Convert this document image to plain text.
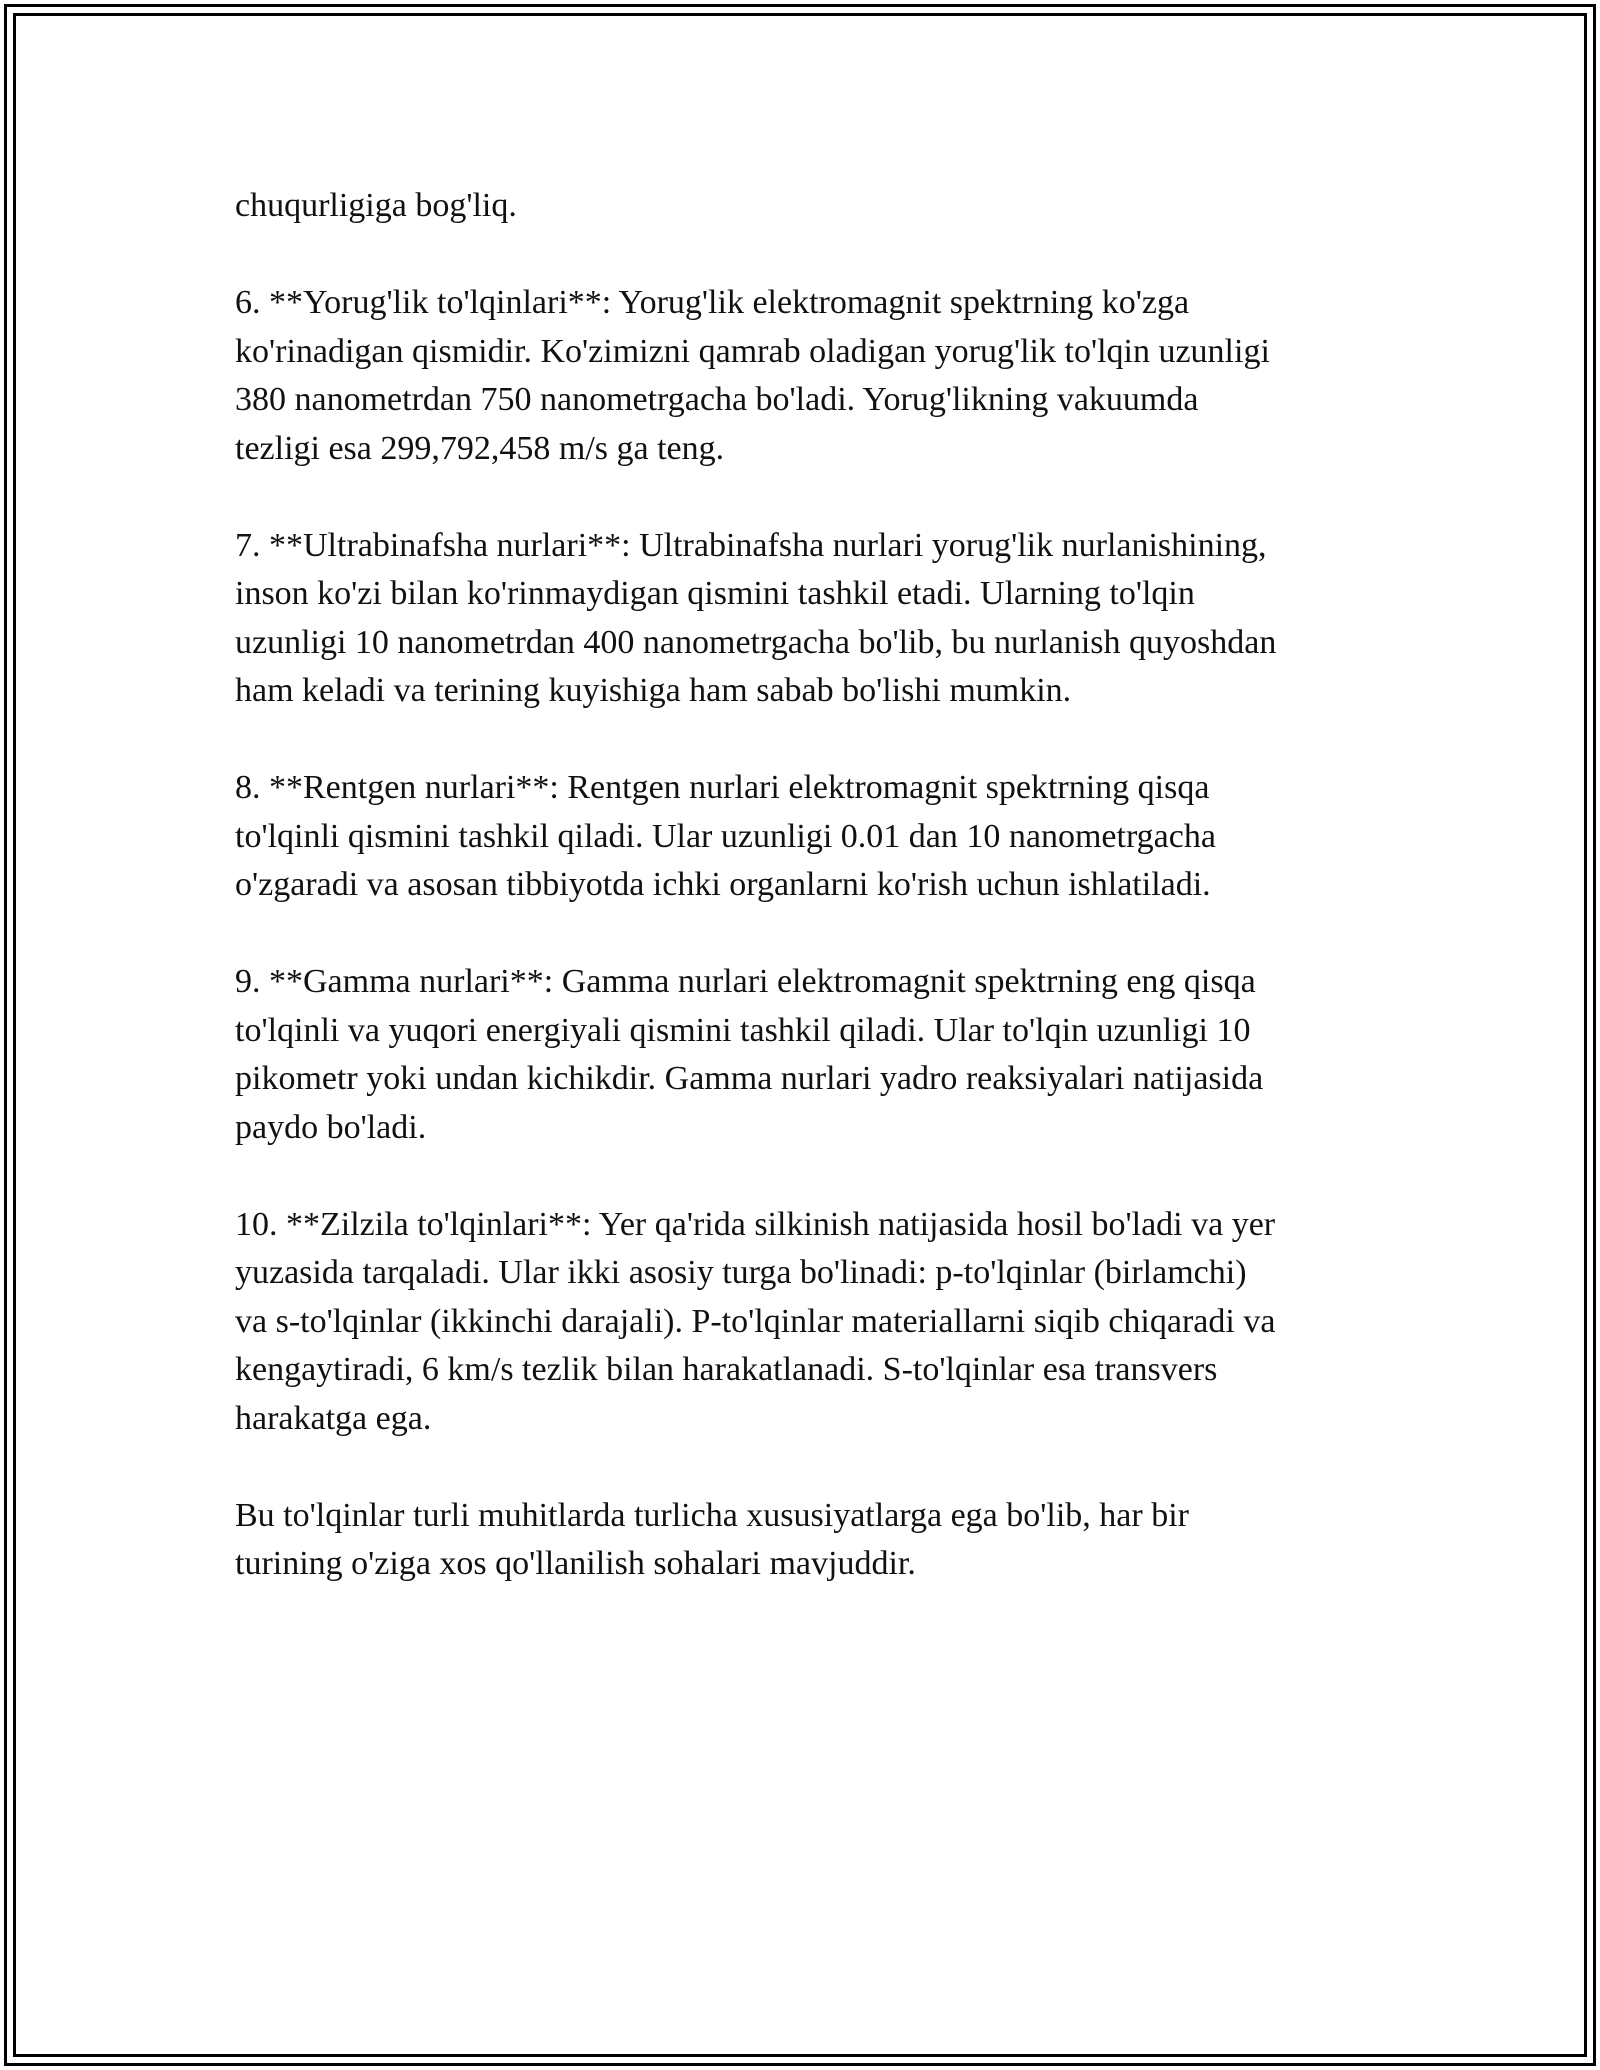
chuqurligiga bog'liq.

6. **Yorug'lik to'lqinlari**: Yorug'lik elektromagnit spektrning ko'zga
ko'rinadigan qismidir. Ko'zimizni qamrab oladigan yorug'lik to'lqin uzunligi
380 nanometrdan 750 nanometrgacha bo'ladi. Yorug'likning vakuumda
tezligi esa 299,792,458 m/s ga teng.

7. **Ultrabinafsha nurlari**: Ultrabinafsha nurlari yorug'lik nurlanishining,
inson ko'zi bilan ko'rinmaydigan qismini tashkil etadi. Ularning to'lqin
uzunligi 10 nanometrdan 400 nanometrgacha bo'lib, bu nurlanish quyoshdan
ham keladi va terining kuyishiga ham sabab bo'lishi mumkin.

8. **Rentgen nurlari**: Rentgen nurlari elektromagnit spektrning qisqa
to'lqinli qismini tashkil qiladi. Ular uzunligi 0.01 dan 10 nanometrgacha
o'zgaradi va asosan tibbiyotda ichki organlarni ko'rish uchun ishlatiladi.

9. **Gamma nurlari**: Gamma nurlari elektromagnit spektrning eng qisqa
to'lqinli va yuqori energiyali qismini tashkil qiladi. Ular to'lqin uzunligi 10
pikometr yoki undan kichikdir. Gamma nurlari yadro reaksiyalari natijasida
paydo bo'ladi.

10. **Zilzila to'lqinlari**: Yer qa'rida silkinish natijasida hosil bo'ladi va yer
yuzasida tarqaladi. Ular ikki asosiy turga bo'linadi: p-to'lqinlar (birlamchi)
va s-to'lqinlar (ikkinchi darajali). P-to'lqinlar materiallarni siqib chiqaradi va
kengaytiradi, 6 km/s tezlik bilan harakatlanadi. S-to'lqinlar esa transvers
harakatga ega.

Bu to'lqinlar turli muhitlarda turlicha xususiyatlarga ega bo'lib, har bir
turining o'ziga xos qo'llanilish sohalari mavjuddir.
